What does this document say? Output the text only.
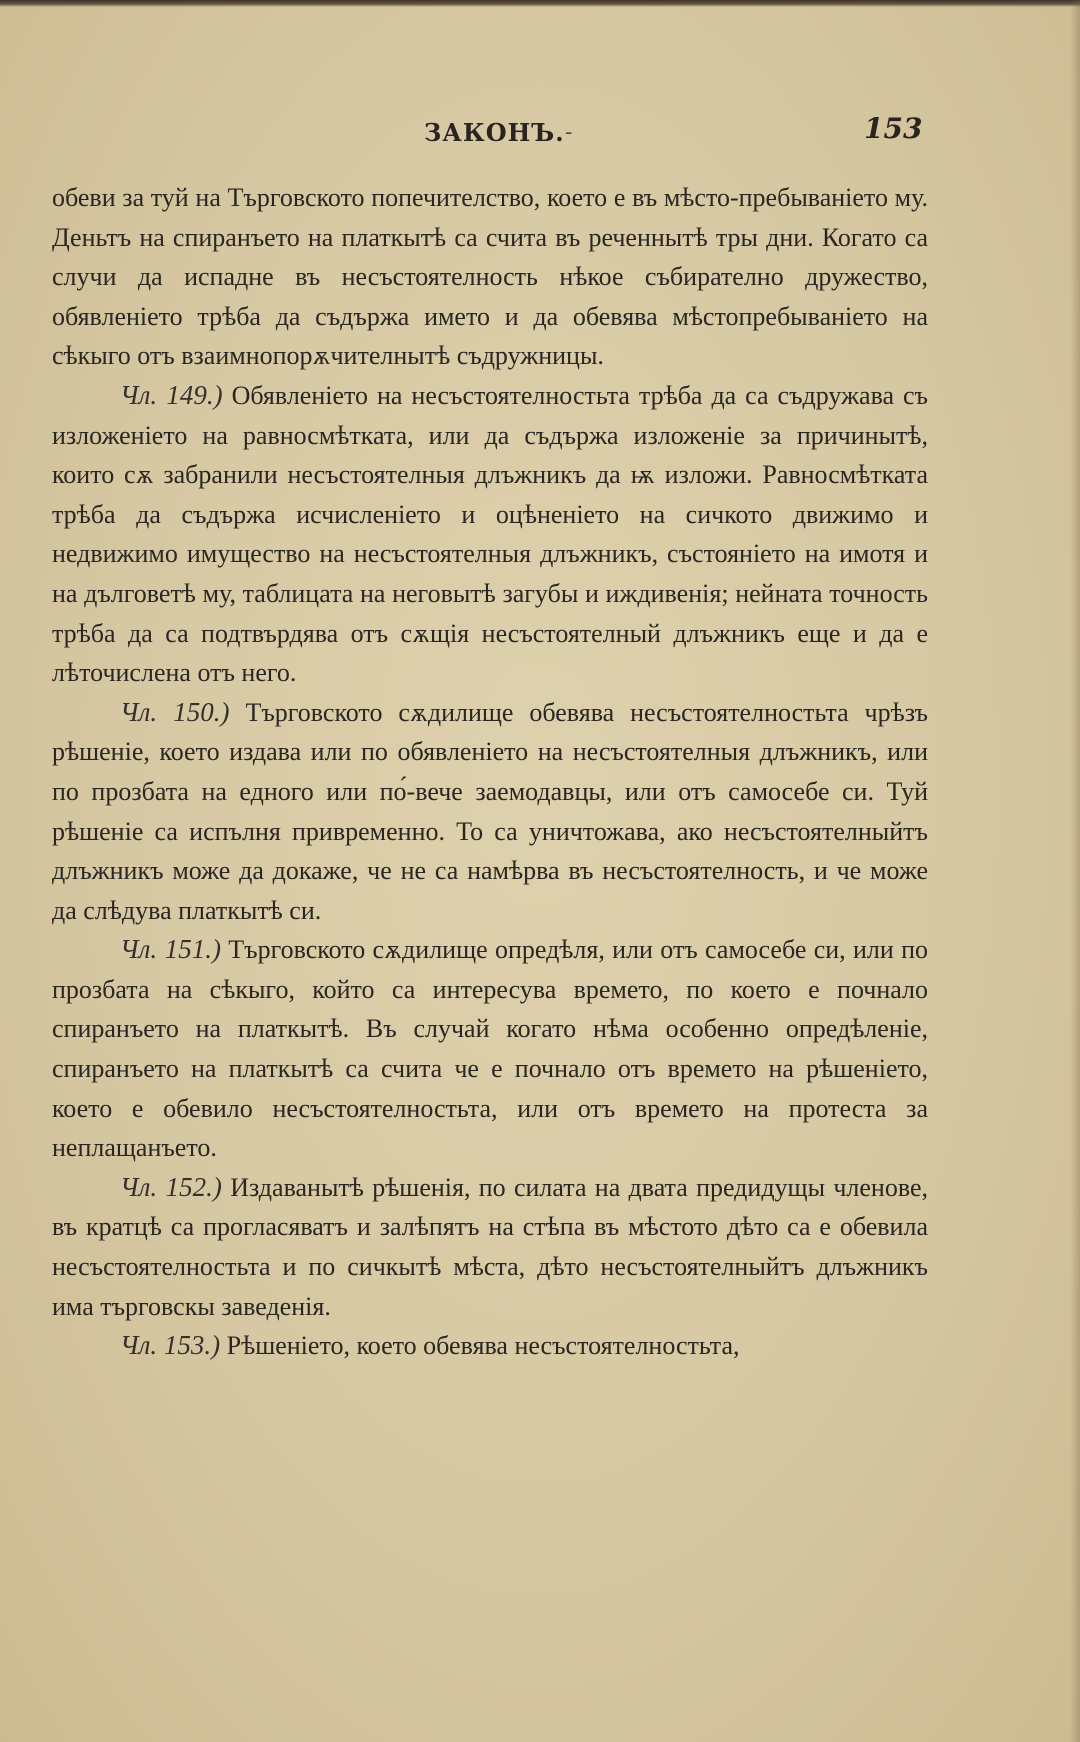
ЗАКОНЪ. -	153

обеви за туй на Търговското попечителство, което е въ мѣсто-пребыванiето му. Деньтъ на спиранъето на платкытѣ са счита въ реченнытѣ тры дни. Когато са случи да испадне въ несъстоятелность нѣкое събирателно дружество, обявленiето трѣба да съдържа името и да обевява мѣстопребыванiето на сѣкыго отъ взаимнопорѫчителнытѣ съдружницы.

Чл. 149.) Обявленiето на несъстоятелностьта трѣба да са съдружава съ изложенiето на равносмѣтката, или да съдържа изложенiе за причинытѣ, които сѫ забранили несъстоятелныя длъжникъ да ѭ изложи. Равносмѣтката трѣба да съдържа исчисленiето и оцѣненiето на сичкото движимо и недвижимо имущество на несъстоятелныя длъжникъ, състоянiето на имотя и на дълговетѣ му, таблицата на неговытѣ загубы и иждивенiя; нейната точность трѣба да са подтвърдява отъ сѫщiя несъстоятелный длъжникъ еще и да е лѣточислена отъ него.

Чл. 150.) Търговското сѫдилище обевява несъстоятелностьта чрѣзъ рѣшенiе, което издава или по обявленiето на несъстоятелныя длъжникъ, или по прозбата на едного или по́-вече заемодавцы, или отъ самосебе си. Туй рѣшенiе са испълня привременно. То са уничтожава, ако несъстоятелныйтъ длъжникъ може да докаже, че не са намѣрва въ несъстоятелность, и че може да слѣдува платкытѣ си.

Чл. 151.) Търговското сѫдилище опредѣля, или отъ самосебе си, или по прозбата на сѣкыго, който са интересува времето, по което е почнало спиранъето на платкытѣ. Въ случай когато нѣма особенно опредѣленiе, спиранъето на платкытѣ са счита че е почнало отъ времето на рѣшенiето, което е обевило несъстоятелностьта, или отъ времето на протеста за неплащанъето.

Чл. 152.) Издаванытѣ рѣшенiя, по силата на двата предидущы членове, въ кратцѣ са прогласяватъ и залѣпятъ на стѣпа въ мѣстото дѣто са е обевила несъстоятелностьта и по сичкытѣ мѣста, дѣто несъстоятелныйтъ длъжникъ има търговскы заведенiя.

Чл. 153.) Рѣшенiето, което обевява несъстоятелностьта,
